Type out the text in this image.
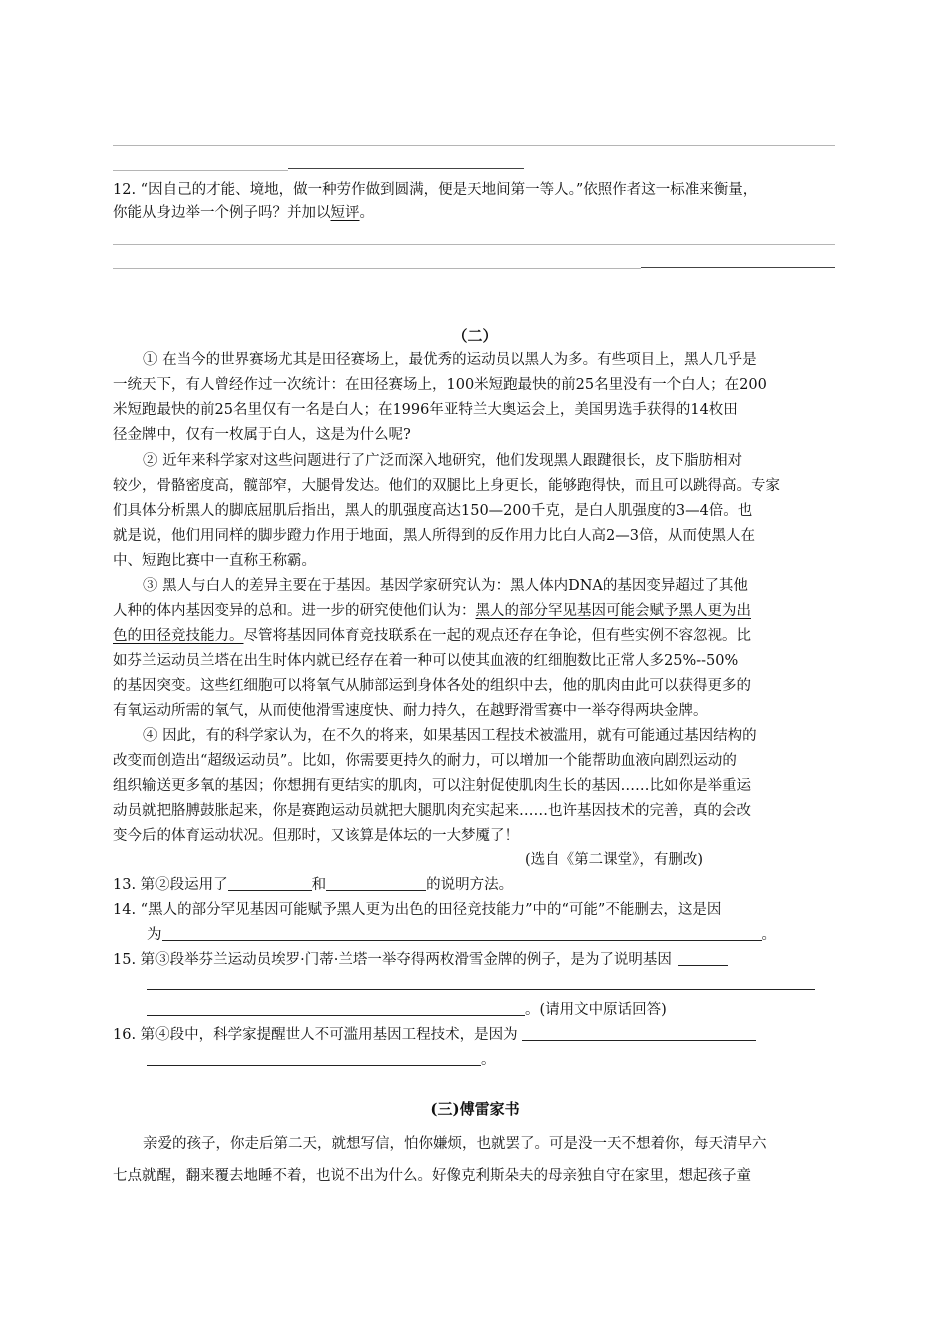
12. “因自己的才能、境地，做一种劳作做到圆满，便是天地间第一等人。”依照作者这一标准来衡量，
你能从身边举一个例子吗？并加以短评。
（二）
① 在当今的世界赛场尤其是田径赛场上，最优秀的运动员以黑人为多。有些项目上，黑人几乎是
一统天下，有人曾经作过一次统计：在田径赛场上，100米短跑最快的前25名里没有一个白人；在200
米短跑最快的前25名里仅有一名是白人；在1996年亚特兰大奥运会上，美国男选手获得的14枚田
径金牌中，仅有一枚属于白人，这是为什么呢?
② 近年来科学家对这些问题进行了广泛而深入地研究，他们发现黑人跟踺很长，皮下脂肪相对
较少，骨骼密度高，髋部窄，大腿骨发达。他们的双腿比上身更长，能够跑得快，而且可以跳得高。专家
们具体分析黑人的脚底屈肌后指出，黑人的肌强度高达150—200千克，是白人肌强度的3—4倍。也
就是说，他们用同样的脚步蹬力作用于地面，黑人所得到的反作用力比白人高2—3倍，从而使黑人在
中、短跑比赛中一直称王称霸。
③ 黑人与白人的差异主要在于基因。基因学家研究认为：黑人体内DNA的基因变异超过了其他
人种的体内基因变异的总和。进一步的研究使他们认为：黑人的部分罕见基因可能会赋予黑人更为出
色的田径竞技能力。尽管将基因同体育竞技联系在一起的观点还存在争论，但有些实例不容忽视。比
如芬兰运动员兰塔在出生时体内就已经存在着一种可以使其血液的红细胞数比正常人多25%--50%
的基因突变。这些红细胞可以将氧气从肺部运到身体各处的组织中去，他的肌肉由此可以获得更多的
有氧运动所需的氧气，从而使他滑雪速度快、耐力持久，在越野滑雪赛中一举夺得两块金牌。
④ 因此，有的科学家认为，在不久的将来，如果基因工程技术被滥用，就有可能通过基因结构的
改变而创造出“超级运动员”。比如，你需要更持久的耐力，可以增加一个能帮助血液向剧烈运动的
组织输送更多氧的基因；你想拥有更结实的肌肉，可以注射促使肌肉生长的基因……比如你是举重运
动员就把胳膊鼓胀起来，你是赛跑运动员就把大腿肌肉充实起来……也许基因技术的完善，真的会改
变今后的体育运动状况。但那时，又该算是体坛的一大梦魇了！
(选自《第二课堂》，有删改)
13. 第②段运用了	和	的说明方法。
14. “黑人的部分罕见基因可能赋予黑人更为出色的田径竞技能力”中的“可能”不能删去，这是因
为	。
15. 第③段举芬兰运动员埃罗·门蒂·兰塔一举夺得两枚滑雪金牌的例子，是为了说明基因
。(请用文中原话回答)
16. 第④段中，科学家提醒世人不可滥用基因工程技术，是因为
。
(三)傅雷家书
亲爱的孩子，你走后第二天，就想写信，怕你嫌烦，也就罢了。可是没一天不想着你，每天清早六
七点就醒，翻来覆去地睡不着，也说不出为什么。好像克利斯朵夫的母亲独自守在家里，想起孩子童
